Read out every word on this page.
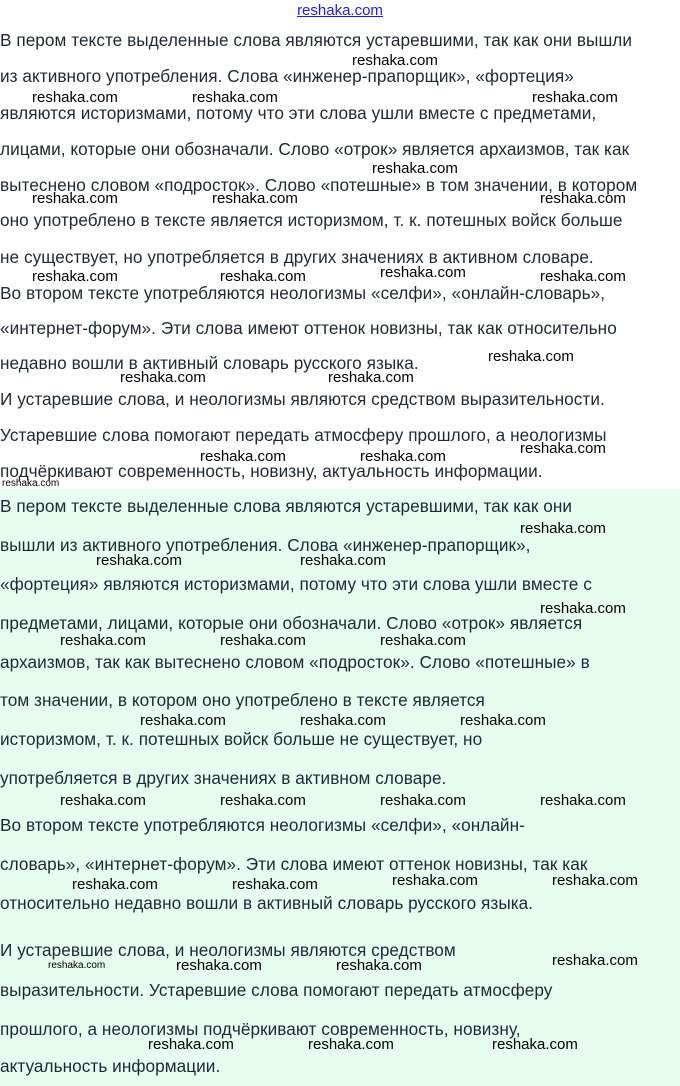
reshaka.com
В пером тексте выделенные слова являются устаревшими, так как они вышли
из активного употребления. Слова «инженер-прапорщик», «фортеция»
являются историзмами, потому что эти слова ушли вместе с предметами,
лицами, которые они обозначали. Слово «отрок» является архаизмов, так как
вытеснено словом «подросток». Слово «потешные» в том значении, в котором
оно употреблено в тексте является историзмом, т. к. потешных войск больше
не существует, но употребляется в других значениях в активном словаре.
Во втором тексте употребляются неологизмы «селфи», «онлайн-словарь»,
«интернет-форум». Эти слова имеют оттенок новизны, так как относительно
недавно вошли в активный словарь русского языка.
И устаревшие слова, и неологизмы являются средством выразительности.
Устаревшие слова помогают передать атмосферу прошлого, а неологизмы
подчёркивают современность, новизну, актуальность информации.
В пером тексте выделенные слова являются устаревшими, так как они
вышли из активного употребления. Слова «инженер-прапорщик»,
«фортеция» являются историзмами, потому что эти слова ушли вместе с
предметами, лицами, которые они обозначали. Слово «отрок» является
архаизмов, так как вытеснено словом «подросток». Слово «потешные» в
том значении, в котором оно употреблено в тексте является
историзмом, т. к. потешных войск больше не существует, но
употребляется в других значениях в активном словаре.
Во втором тексте употребляются неологизмы «селфи», «онлайн-
словарь», «интернет-форум». Эти слова имеют оттенок новизны, так как
относительно недавно вошли в активный словарь русского языка.
И устаревшие слова, и неологизмы являются средством
выразительности. Устаревшие слова помогают передать атмосферу
прошлого, а неологизмы подчёркивают современность, новизну,
актуальность информации.
reshaka.com
reshaka.com	reshaka.com	reshaka.com
reshaka.com
reshaka.com	reshaka.com	reshaka.com
reshaka.com
reshaka.com	reshaka.com	reshaka.com
reshaka.com
reshaka.com	reshaka.com
reshaka.com
reshaka.com	reshaka.com
reshaka.com
reshaka.com
reshaka.com	reshaka.com
reshaka.com
reshaka.com	reshaka.com	reshaka.com
reshaka.com	reshaka.com	reshaka.com
reshaka.com	reshaka.com	reshaka.com	reshaka.com
reshaka.com	reshaka.com
reshaka.com	reshaka.com
reshaka.com
reshaka.com	reshaka.com	reshaka.com
reshaka.com	reshaka.com	reshaka.com
